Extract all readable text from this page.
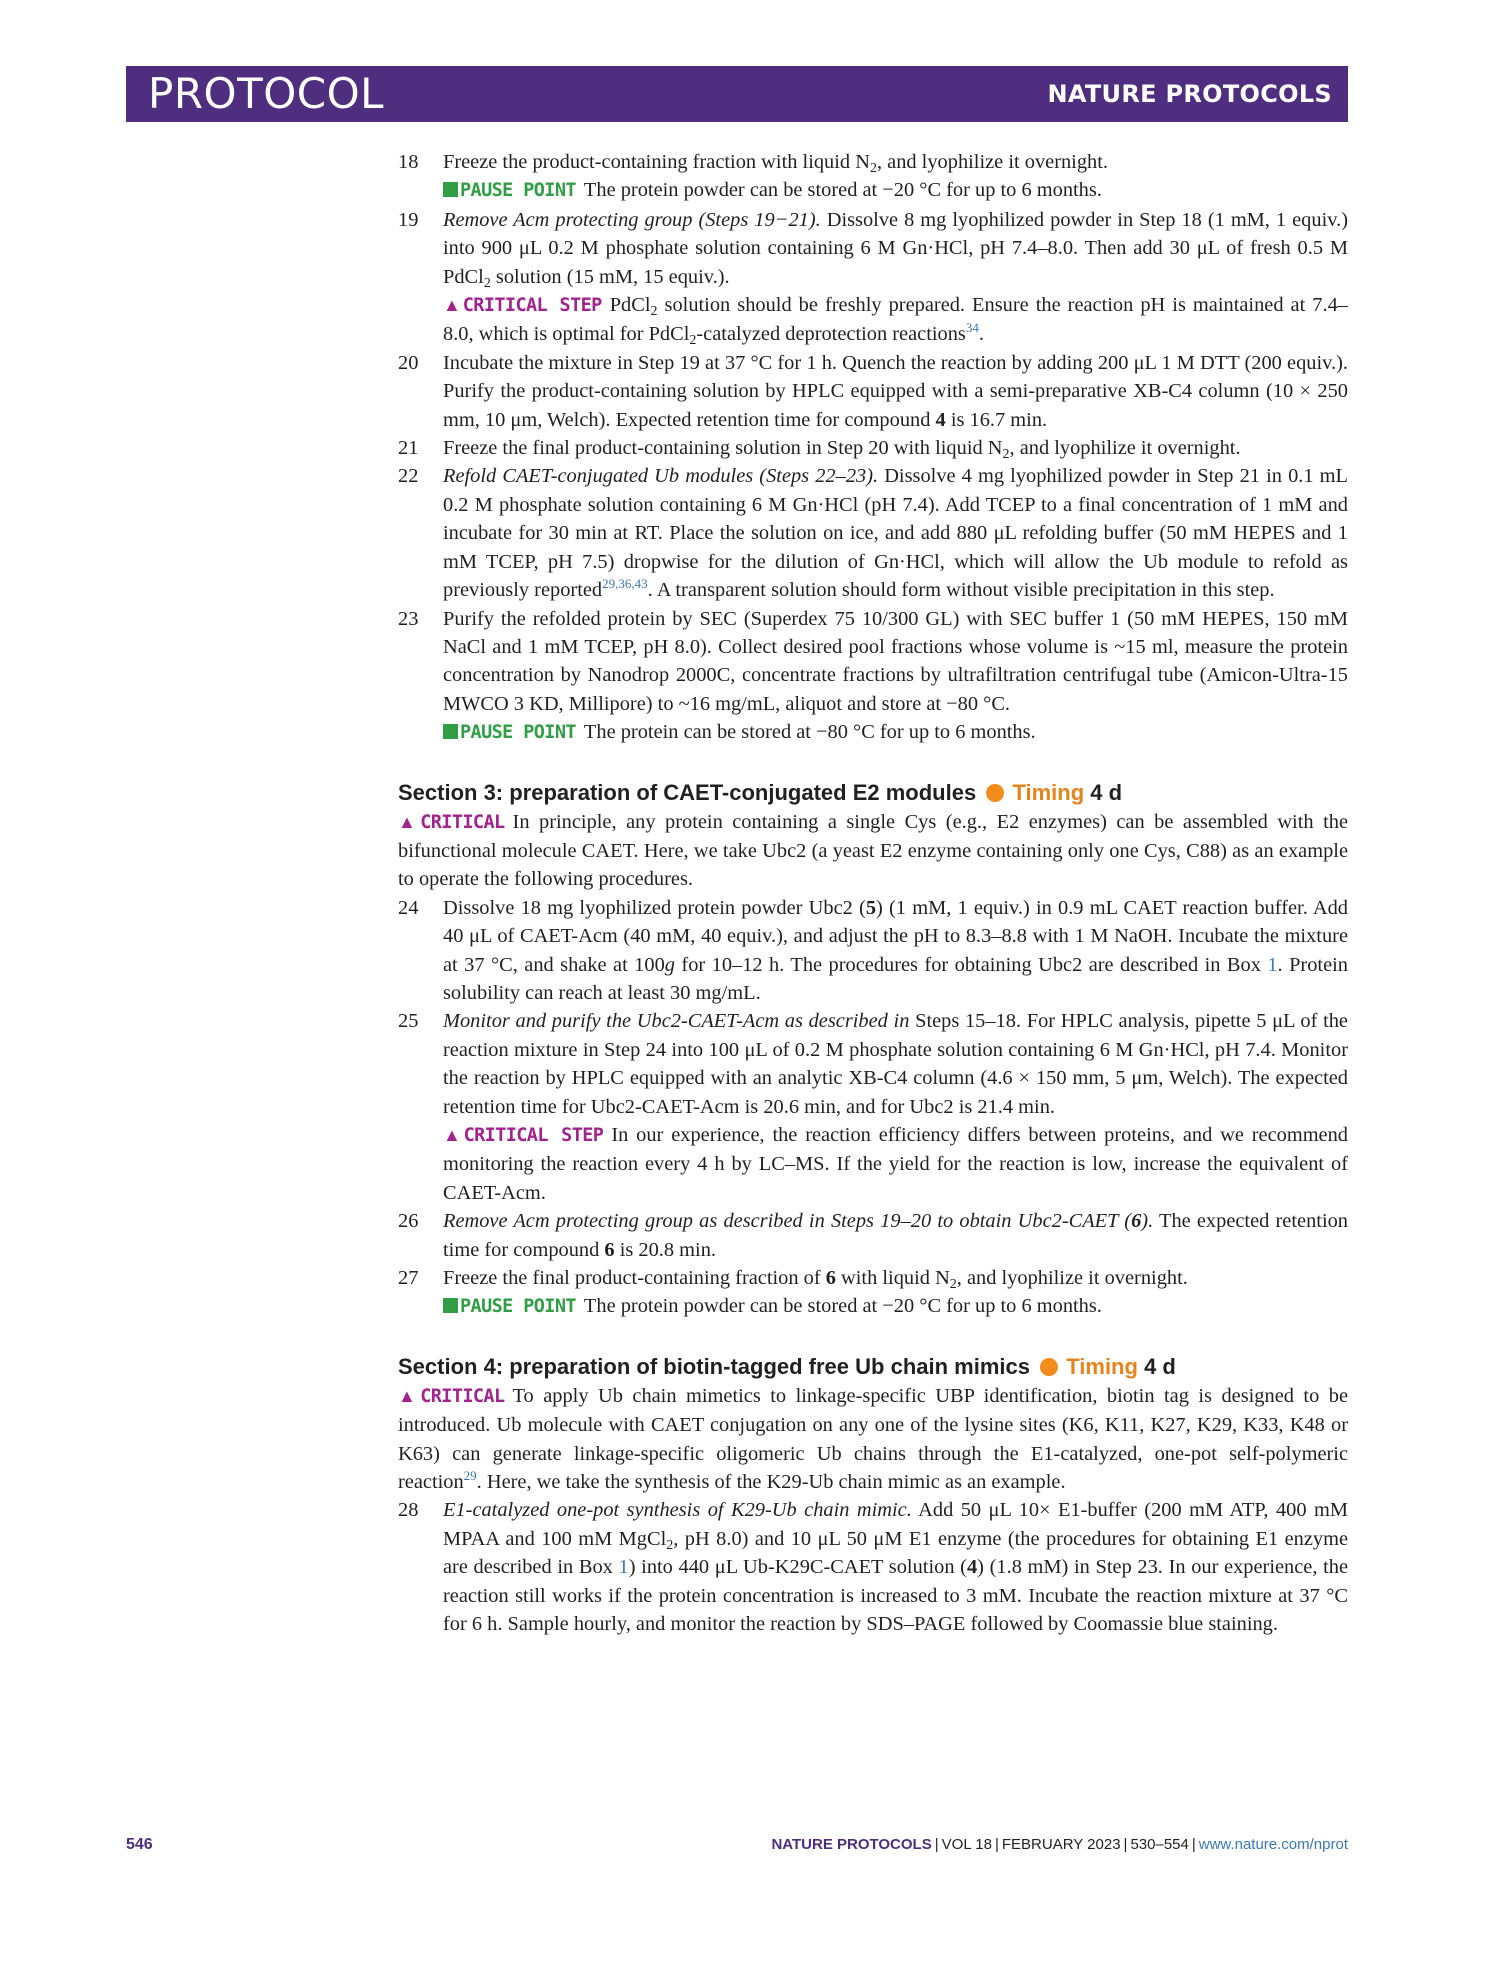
PROTOCOL	NATURE PROTOCOLS
18 Freeze the product-containing fraction with liquid $N_2$, and lyophilize it overnight.
PAUSE POINT The protein powder can be stored at −20 °C for up to 6 months.
19 Remove Acm protecting group (Steps 19−21). Dissolve 8 mg lyophilized powder in Step 18 (1 mM, 1 equiv.) into 900 μL 0.2 M phosphate solution containing 6 M Gn·HCl, pH 7.4–8.0. Then add 30 μL of fresh 0.5 M PdCl$_2$ solution (15 mM, 15 equiv.).
▲CRITICAL STEP PdCl$_2$ solution should be freshly prepared. Ensure the reaction pH is maintained at 7.4–8.0, which is optimal for PdCl$_2$-catalyzed deprotection reactions$^{34}$.
20 Incubate the mixture in Step 19 at 37 °C for 1 h. Quench the reaction by adding 200 μL 1 M DTT (200 equiv.). Purify the product-containing solution by HPLC equipped with a semi-preparative XB-C4 column (10 × 250 mm, 10 μm, Welch). Expected retention time for compound 4 is 16.7 min.
21 Freeze the final product-containing solution in Step 20 with liquid $N_2$, and lyophilize it overnight.
22 Refold CAET-conjugated Ub modules (Steps 22–23). Dissolve 4 mg lyophilized powder in Step 21 in 0.1 mL 0.2 M phosphate solution containing 6 M Gn·HCl (pH 7.4). Add TCEP to a final concentration of 1 mM and incubate for 30 min at RT. Place the solution on ice, and add 880 μL refolding buffer (50 mM HEPES and 1 mM TCEP, pH 7.5) dropwise for the dilution of Gn·HCl, which will allow the Ub module to refold as previously reported$^{29,36,43}$. A transparent solution should form without visible precipitation in this step.
23 Purify the refolded protein by SEC (Superdex 75 10/300 GL) with SEC buffer 1 (50 mM HEPES, 150 mM NaCl and 1 mM TCEP, pH 8.0). Collect desired pool fractions whose volume is ~15 ml, measure the protein concentration by Nanodrop 2000C, concentrate fractions by ultrafiltration centrifugal tube (Amicon-Ultra-15 MWCO 3 KD, Millipore) to ~16 mg/mL, aliquot and store at −80 °C.
PAUSE POINT The protein can be stored at −80 °C for up to 6 months.
Section 3: preparation of CAET-conjugated E2 modules Timing 4 d
▲CRITICAL In principle, any protein containing a single Cys (e.g., E2 enzymes) can be assembled with the bifunctional molecule CAET. Here, we take Ubc2 (a yeast E2 enzyme containing only one Cys, C88) as an example to operate the following procedures.
24 Dissolve 18 mg lyophilized protein powder Ubc2 (5) (1 mM, 1 equiv.) in 0.9 mL CAET reaction buffer. Add 40 μL of CAET-Acm (40 mM, 40 equiv.), and adjust the pH to 8.3–8.8 with 1 M NaOH. Incubate the mixture at 37 °C, and shake at 100g for 10–12 h. The procedures for obtaining Ubc2 are described in Box 1. Protein solubility can reach at least 30 mg/mL.
25 Monitor and purify the Ubc2-CAET-Acm as described in Steps 15–18. For HPLC analysis, pipette 5 μL of the reaction mixture in Step 24 into 100 μL of 0.2 M phosphate solution containing 6 M Gn·HCl, pH 7.4. Monitor the reaction by HPLC equipped with an analytic XB-C4 column (4.6 × 150 mm, 5 μm, Welch). The expected retention time for Ubc2-CAET-Acm is 20.6 min, and for Ubc2 is 21.4 min.
▲CRITICAL STEP In our experience, the reaction efficiency differs between proteins, and we recommend monitoring the reaction every 4 h by LC–MS. If the yield for the reaction is low, increase the equivalent of CAET-Acm.
26 Remove Acm protecting group as described in Steps 19–20 to obtain Ubc2-CAET (6). The expected retention time for compound 6 is 20.8 min.
27 Freeze the final product-containing fraction of 6 with liquid $N_2$, and lyophilize it overnight.
PAUSE POINT The protein powder can be stored at −20 °C for up to 6 months.
Section 4: preparation of biotin-tagged free Ub chain mimics Timing 4 d
▲CRITICAL To apply Ub chain mimetics to linkage-specific UBP identification, biotin tag is designed to be introduced. Ub molecule with CAET conjugation on any one of the lysine sites (K6, K11, K27, K29, K33, K48 or K63) can generate linkage-specific oligomeric Ub chains through the E1-catalyzed, one-pot self-polymeric reaction$^{29}$. Here, we take the synthesis of the K29-Ub chain mimic as an example.
28 E1-catalyzed one-pot synthesis of K29-Ub chain mimic. Add 50 μL 10× E1-buffer (200 mM ATP, 400 mM MPAA and 100 mM MgCl$_2$, pH 8.0) and 10 μL 50 μM E1 enzyme (the procedures for obtaining E1 enzyme are described in Box 1) into 440 μL Ub-K29C-CAET solution (4) (1.8 mM) in Step 23. In our experience, the reaction still works if the protein concentration is increased to 3 mM. Incubate the reaction mixture at 37 °C for 6 h. Sample hourly, and monitor the reaction by SDS–PAGE followed by Coomassie blue staining.
546	NATURE PROTOCOLS | VOL 18 | FEBRUARY 2023 | 530–554 | www.nature.com/nprot
